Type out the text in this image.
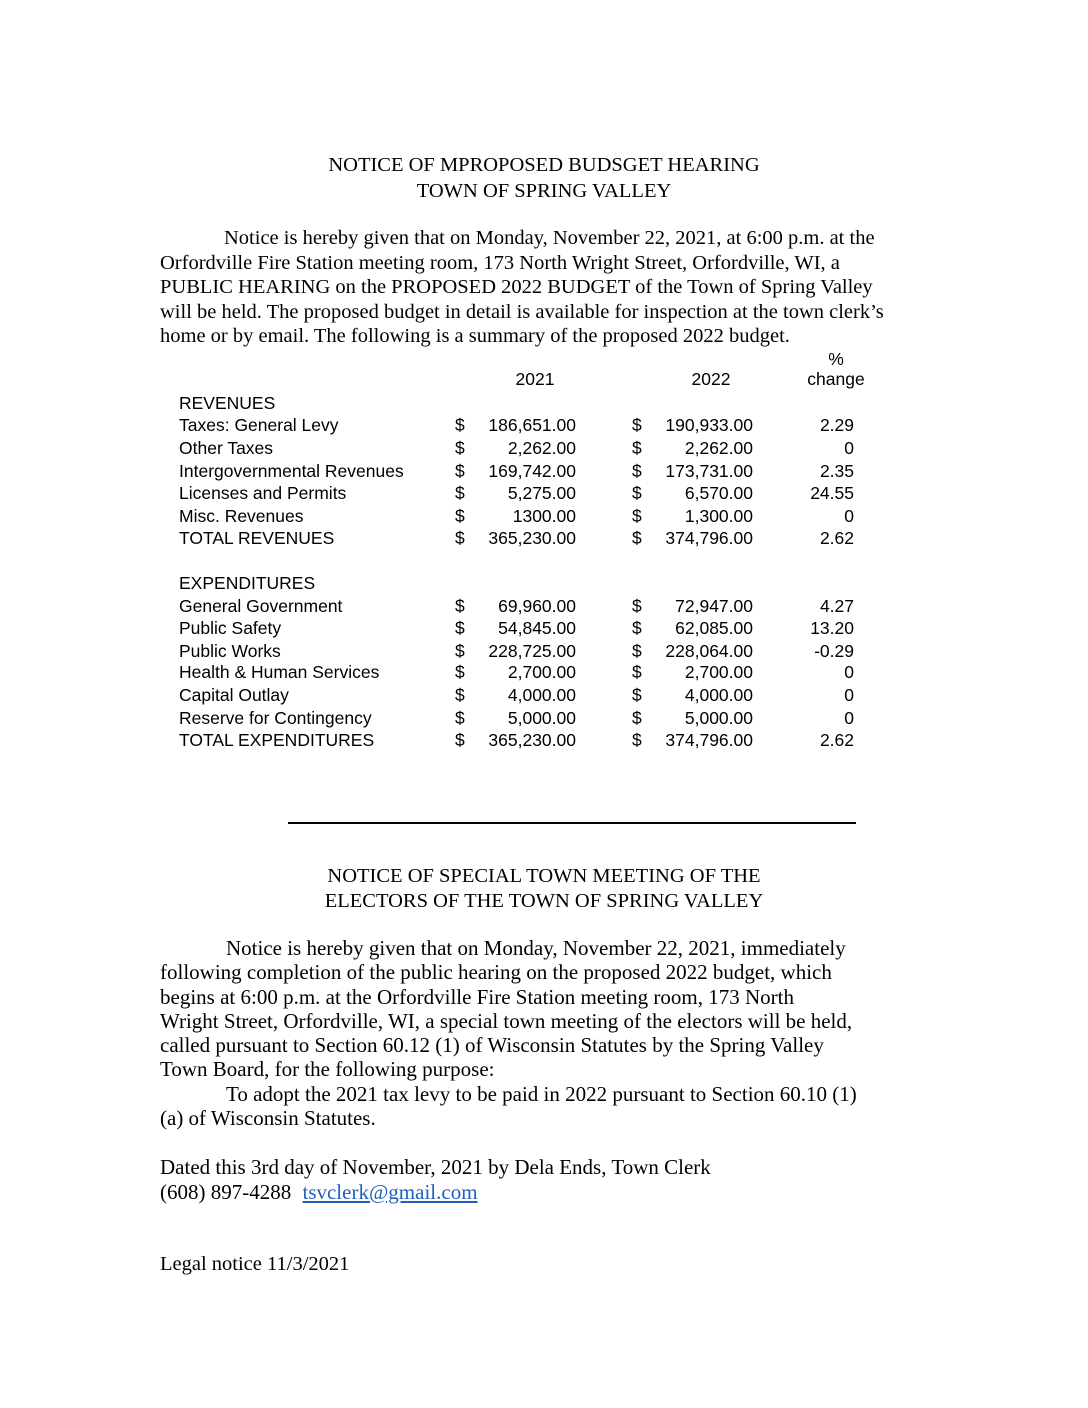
NOTICE OF MPROPOSED BUDSGET HEARING
TOWN OF SPRING VALLEY
Notice is hereby given that on Monday, November 22, 2021, at 6:00 p.m. at the
Orfordville Fire Station meeting room, 173 North Wright Street, Orfordville, WI, a
PUBLIC HEARING on the PROPOSED 2022 BUDGET of the Town of Spring Valley
will be held. The proposed budget in detail is available for inspection at the town clerk’s
home or by email. The following is a summary of the proposed 2022 budget.
%
2021	2022	change
REVENUES
Taxes: General Levy	$	186,651.00	$	190,933.00	2.29
Other Taxes	$	2,262.00	$	2,262.00	0
Intergovernmental Revenues	$	169,742.00	$	173,731.00	2.35
Licenses and Permits	$	5,275.00	$	6,570.00	24.55
Misc. Revenues	$	1300.00	$	1,300.00	0
TOTAL REVENUES	$	365,230.00	$	374,796.00	2.62
EXPENDITURES
General Government	$	69,960.00	$	72,947.00	4.27
Public Safety	$	54,845.00	$	62,085.00	13.20
Public Works	$	228,725.00	$	228,064.00	-0.29
Health & Human Services	$	2,700.00	$	2,700.00	0
Capital Outlay	$	4,000.00	$	4,000.00	0
Reserve for Contingency	$	5,000.00	$	5,000.00	0
TOTAL EXPENDITURES	$	365,230.00	$	374,796.00	2.62
NOTICE OF SPECIAL TOWN MEETING OF THE
ELECTORS OF THE TOWN OF SPRING VALLEY
Notice is hereby given that on Monday, November 22, 2021, immediately
following completion of the public hearing on the proposed 2022 budget, which
begins at 6:00 p.m. at the Orfordville Fire Station meeting room, 173 North
Wright Street, Orfordville, WI, a special town meeting of the electors will be held,
called pursuant to Section 60.12 (1) of Wisconsin Statutes by the Spring Valley
Town Board, for the following purpose:
To adopt the 2021 tax levy to be paid in 2022 pursuant to Section 60.10 (1)
(a) of Wisconsin Statutes.
Dated this 3rd day of November, 2021 by Dela Ends, Town Clerk
(608) 897-4288 tsvclerk@gmail.com
Legal notice 11/3/2021
